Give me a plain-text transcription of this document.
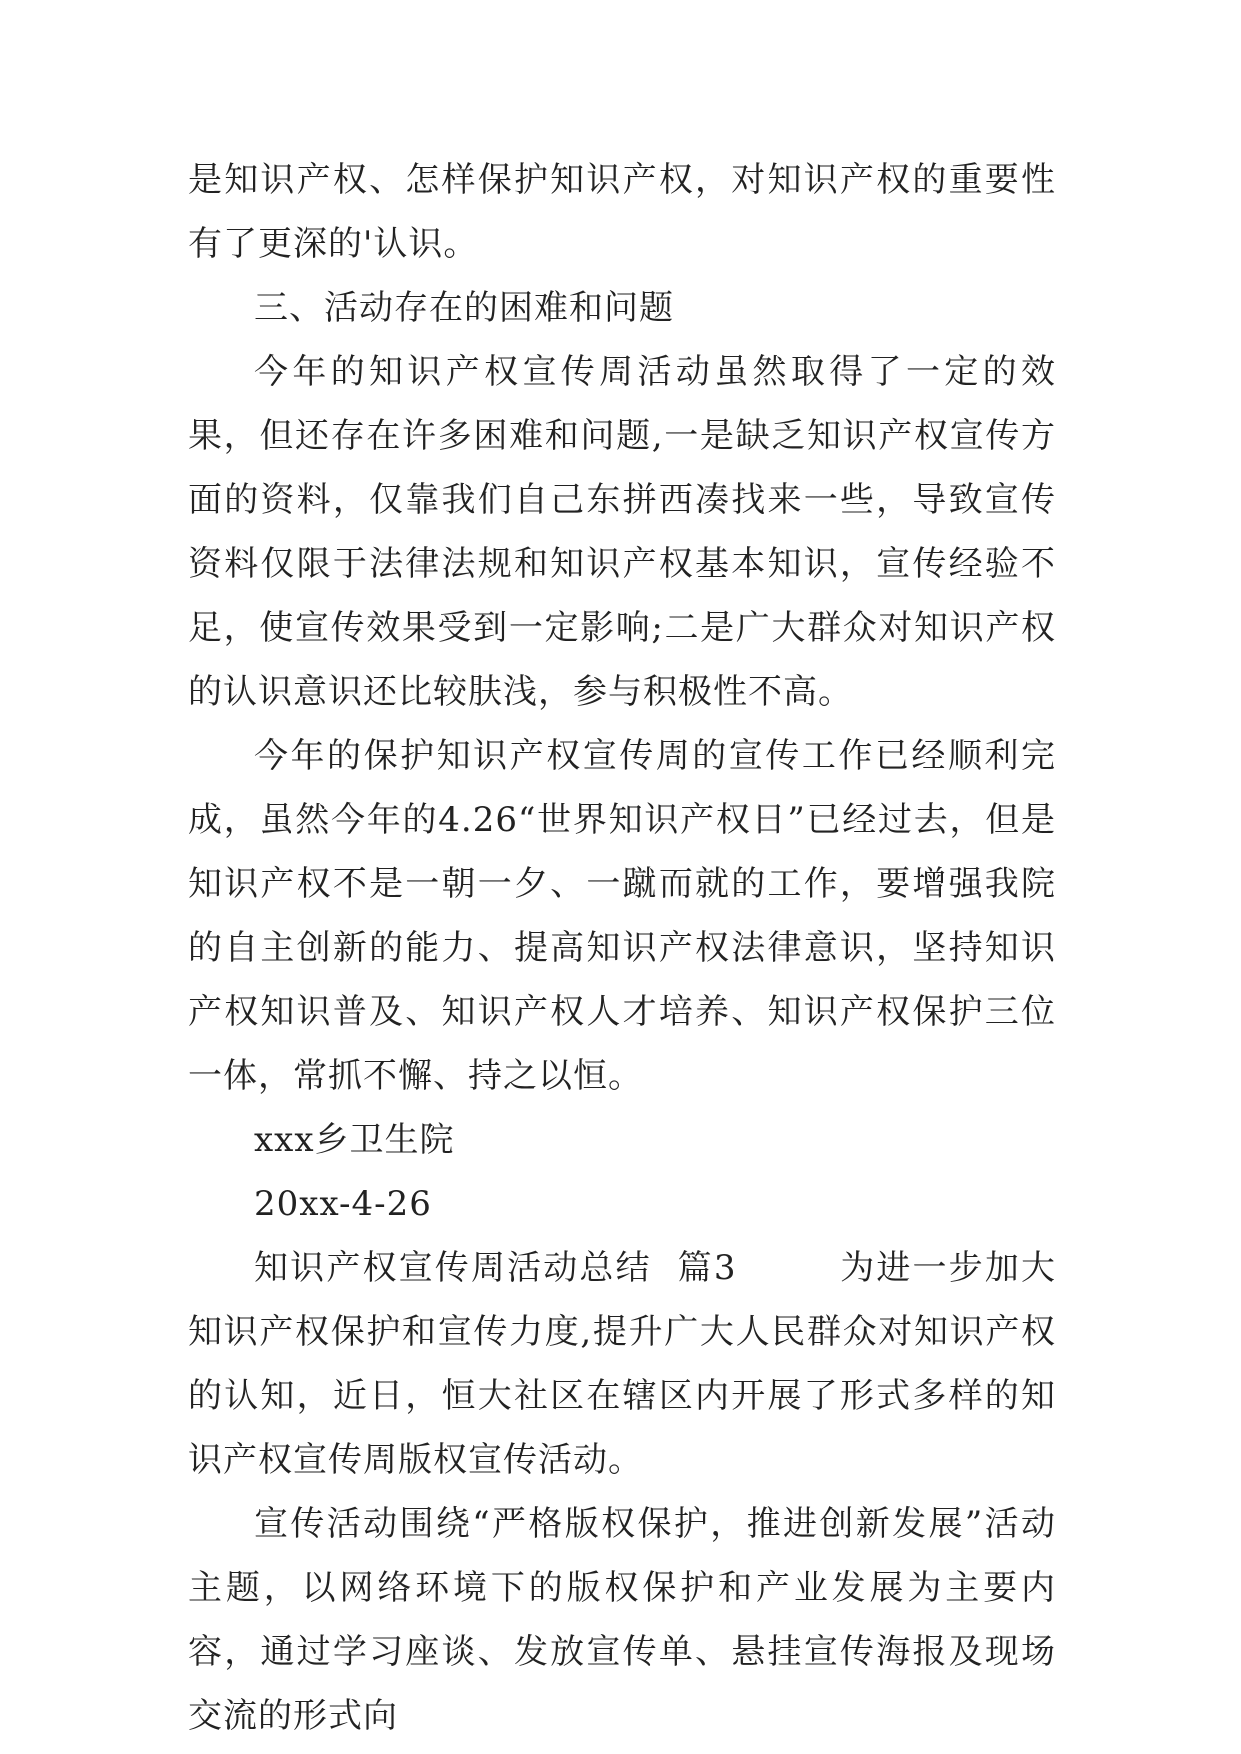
是知识产权、怎样保护知识产权，对知识产权的重要性有了更深的'认识。

三、活动存在的困难和问题

今年的知识产权宣传周活动虽然取得了一定的效果，但还存在许多困难和问题,一是缺乏知识产权宣传方面的资料，仅靠我们自己东拼西凑找来一些，导致宣传资料仅限于法律法规和知识产权基本知识，宣传经验不足，使宣传效果受到一定影响;二是广大群众对知识产权的认识意识还比较肤浅，参与积极性不高。

今年的保护知识产权宣传周的宣传工作已经顺利完成，虽然今年的4.26“世界知识产权日”已经过去，但是知识产权不是一朝一夕、一蹴而就的工作，要增强我院的自主创新的能力、提高知识产权法律意识，坚持知识产权知识普及、知识产权人才培养、知识产权保护三位一体，常抓不懈、持之以恒。

xxx乡卫生院

20xx-4-26

知识产权宣传周活动总结  篇3        为进一步加大知识产权保护和宣传力度,提升广大人民群众对知识产权的认知，近日，恒大社区在辖区内开展了形式多样的知识产权宣传周版权宣传活动。

宣传活动围绕“严格版权保护，推进创新发展”活动主题，以网络环境下的版权保护和产业发展为主要内容，通过学习座谈、发放宣传单、悬挂宣传海报及现场交流的形式向
